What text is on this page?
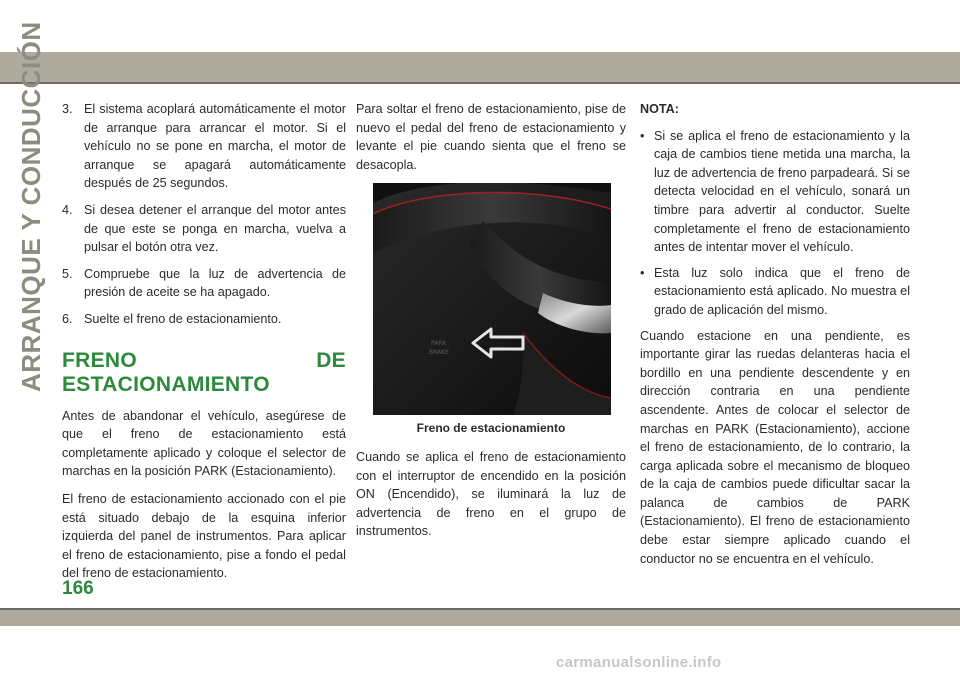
ARRANQUE Y CONDUCCIÓN 3. El sistema acoplará automáticamente el motor de arranque para arrancar el motor. Si el vehículo no se pone en marcha, el motor de arranque se apagará automáticamente después de 25 segundos.
4. Si desea detener el arranque del motor antes de que este se ponga en marcha, vuelva a pulsar el botón otra vez.
5. Compruebe que la luz de advertencia de presión de aceite se ha apagado.
6. Suelte el freno de estacionamiento.
FRENO DE ESTACIONAMIENTO

Antes de abandonar el vehículo, asegúrese de que el freno de estacionamiento está completamente aplicado y coloque el selector de marchas en la posición PARK (Estacionamiento).

El freno de estacionamiento accionado con el pie está situado debajo de la esquina inferior izquierda del panel de instrumentos. Para aplicar el freno de estacionamiento, pise a fondo el pedal del freno de estacionamiento.

Para soltar el freno de estacionamiento, pise de nuevo el pedal del freno de estacionamiento y levante el pie cuando sienta que el freno se desacopla.

PARK
BRAKE
Freno de estacionamiento

Cuando se aplica el freno de estacionamiento con el interruptor de encendido en la posición ON (Encendido), se iluminará la luz de advertencia de freno en el grupo de instrumentos.

NOTA:
• Si se aplica el freno de estacionamiento y la caja de cambios tiene metida una marcha, la luz de advertencia de freno parpadeará. Si se detecta velocidad en el vehículo, sonará un timbre para advertir al conductor. Suelte completamente el freno de estacionamiento antes de intentar mover el vehículo.
• Esta luz solo indica que el freno de estacionamiento está aplicado. No muestra el grado de aplicación del mismo.

Cuando estacione en una pendiente, es importante girar las ruedas delanteras hacia el bordillo en una pendiente descendente y en dirección contraria en una pendiente ascendente. Antes de colocar el selector de marchas en PARK (Estacionamiento), accione el freno de estacionamiento, de lo contrario, la carga aplicada sobre el mecanismo de bloqueo de la caja de cambios puede dificultar sacar la palanca de cambios de PARK (Estacionamiento). El freno de estacionamiento debe estar siempre aplicado cuando el conductor no se encuentra en el vehículo.

166
carmanualsonline.info
